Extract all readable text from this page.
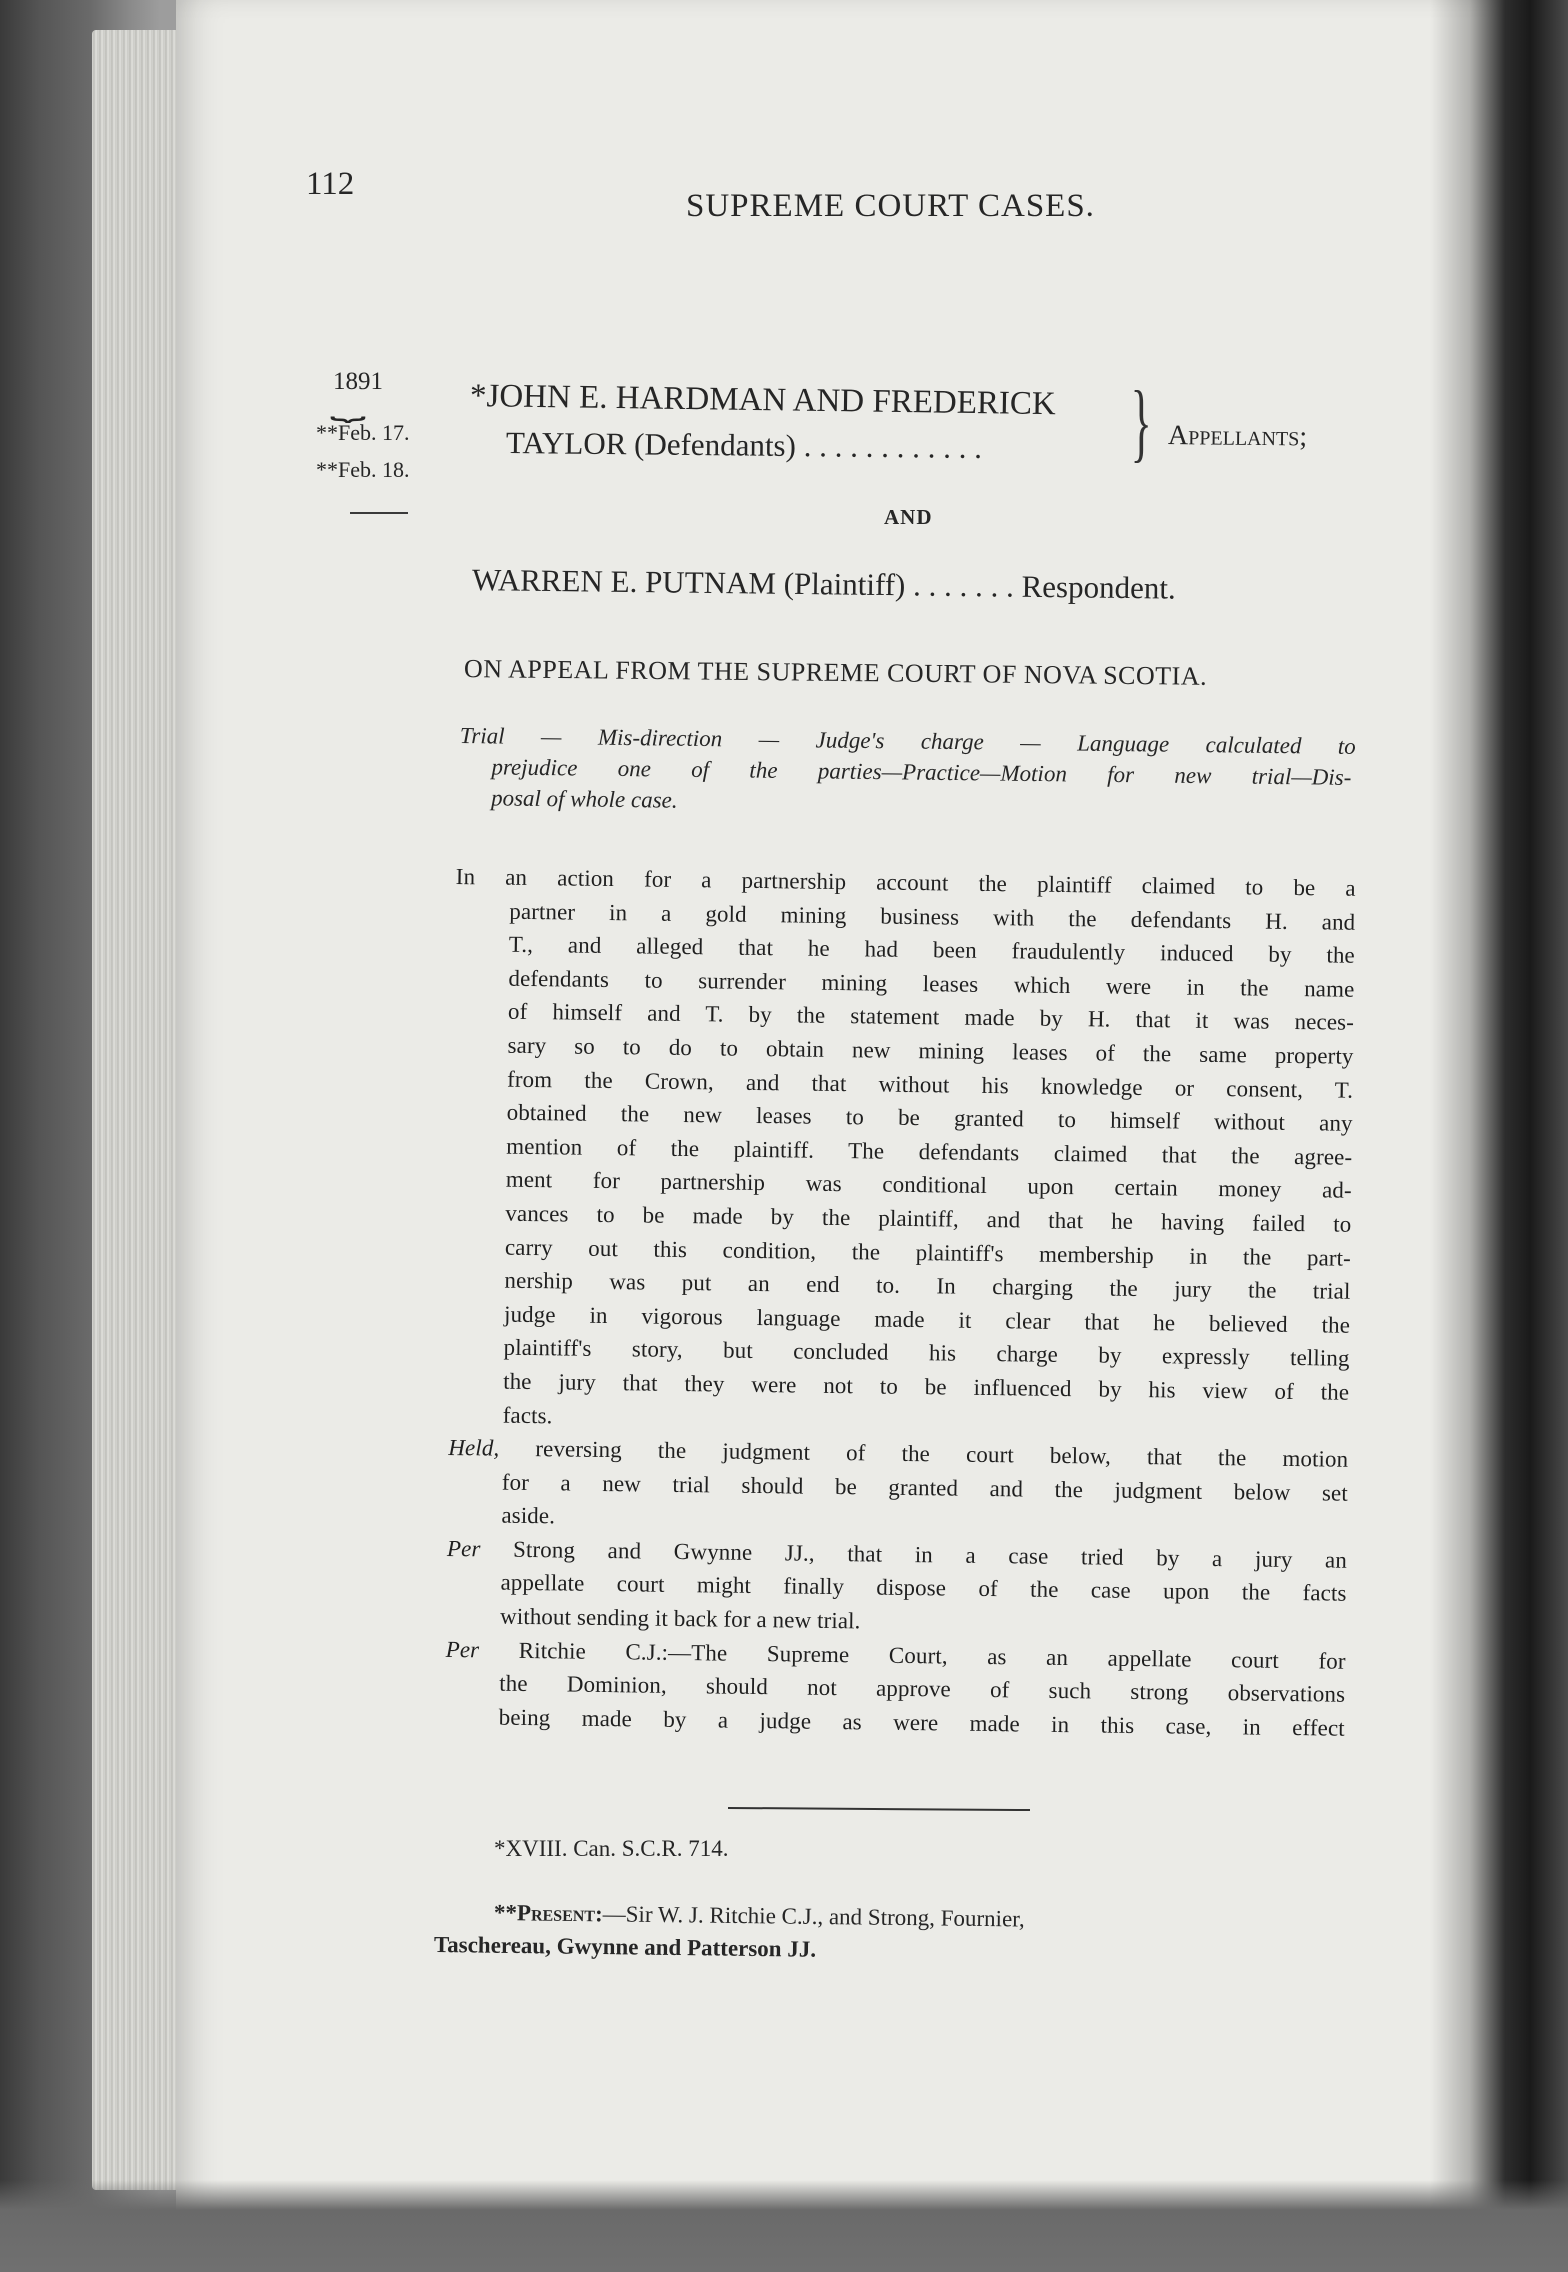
112

SUPREME COURT CASES.

1891

⏟

**Feb. 17.

**Feb. 18.

*JOHN E. HARDMAN AND FREDERICK

TAYLOR (Defendants) . . . . . . . . . . . . } Appellants;

AND

WARREN E. PUTNAM (Plaintiff) . . . . . . . Respondent.

ON APPEAL FROM THE SUPREME COURT OF NOVA SCOTIA.

Trial — Mis-direction — Judge's charge — Language calculated to
prejudice one of the parties—Practice—Motion for new trial—Dis-
posal of whole case.
In an action for a partnership account the plaintiff claimed to be a
partner in a gold mining business with the defendants H. and
T., and alleged that he had been fraudulently induced by the
defendants to surrender mining leases which were in the name
of himself and T. by the statement made by H. that it was neces-
sary so to do to obtain new mining leases of the same property
from the Crown, and that without his knowledge or consent, T.
obtained the new leases to be granted to himself without any
mention of the plaintiff. The defendants claimed that the agree-
ment for partnership was conditional upon certain money ad-
vances to be made by the plaintiff, and that he having failed to
carry out this condition, the plaintiff's membership in the part-
nership was put an end to. In charging the jury the trial
judge in vigorous language made it clear that he believed the
plaintiff's story, but concluded his charge by expressly telling
the jury that they were not to be influenced by his view of the
facts.
Held, reversing the judgment of the court below, that the motion
for a new trial should be granted and the judgment below set
aside.
Per Strong and Gwynne JJ., that in a case tried by a jury an
appellate court might finally dispose of the case upon the facts
without sending it back for a new trial.
Per Ritchie C.J.:—The Supreme Court, as an appellate court for
the Dominion, should not approve of such strong observations
being made by a judge as were made in this case, in effect

*XVIII. Can. S.C.R. 714.

**Present:—Sir W. J. Ritchie C.J., and Strong, Fournier,

Taschereau, Gwynne and Patterson JJ.
